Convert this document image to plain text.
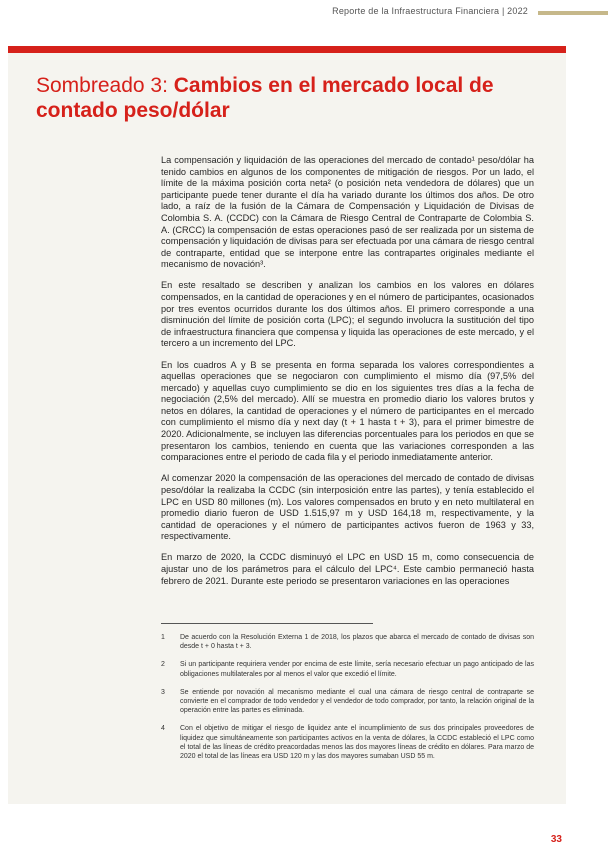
Reporte de la Infraestructura Financiera | 2022
Sombreado 3: Cambios en el mercado local de contado peso/dólar

La compensación y liquidación de las operaciones del mercado de contado¹ peso/dólar ha tenido cambios en algunos de los componentes de mitigación de riesgos. Por un lado, el límite de la máxima posición corta neta² (o posición neta vendedora de dólares) que un participante puede tener durante el día ha variado durante los últimos dos años. De otro lado, a raíz de la fusión de la Cámara de Compensación y Liquidación de Divisas de Colombia S. A. (CCDC) con la Cámara de Riesgo Central de Contraparte de Colombia S. A. (CRCC) la compensación de estas operaciones pasó de ser realizada por un sistema de compensación y liquidación de divisas para ser efectuada por una cámara de riesgo central de contraparte, entidad que se interpone entre las contrapartes originales mediante el mecanismo de novación³.

En este resaltado se describen y analizan los cambios en los valores en dólares compensados, en la cantidad de operaciones y en el número de participantes, ocasionados por tres eventos ocurridos durante los dos últimos años. El primero corresponde a una disminución del límite de posición corta (LPC); el segundo involucra la sustitución del tipo de infraestructura financiera que compensa y liquida las operaciones de este mercado, y el tercero a un incremento del LPC.

En los cuadros A y B se presenta en forma separada los valores correspondientes a aquellas operaciones que se negociaron con cumplimiento el mismo día (97,5% del mercado) y aquellas cuyo cumplimiento se dio en los siguientes tres días a la fecha de negociación (2,5% del mercado). Allí se muestra en promedio diario los valores brutos y netos en dólares, la cantidad de operaciones y el número de participantes en el mercado con cumplimiento el mismo día y next day (t + 1 hasta t + 3), para el primer bimestre de 2020. Adicionalmente, se incluyen las diferencias porcentuales para los periodos en que se presentaron los cambios, teniendo en cuenta que las variaciones corresponden a las comparaciones entre el periodo de cada fila y el periodo inmediatamente anterior.

Al comenzar 2020 la compensación de las operaciones del mercado de contado de divisas peso/dólar la realizaba la CCDC (sin interposición entre las partes), y tenía establecido el LPC en USD 80 millones (m). Los valores compensados en bruto y en neto multilateral en promedio diario fueron de USD 1.515,97 m y USD 164,18 m, respectivamente, y la cantidad de operaciones y el número de participantes activos fueron de 1963 y 33, respectivamente.

En marzo de 2020, la CCDC disminuyó el LPC en USD 15 m, como consecuencia de ajustar uno de los parámetros para el cálculo del LPC⁴. Este cambio permaneció hasta febrero de 2021. Durante este periodo se presentaron variaciones en las operaciones

1	De acuerdo con la Resolución Externa 1 de 2018, los plazos que abarca el mercado de contado de divisas son desde t + 0 hasta t + 3.
2	Si un participante requiriera vender por encima de este límite, sería necesario efectuar un pago anticipado de las obligaciones multilaterales por al menos el valor que excedió el límite.
3	Se entiende por novación al mecanismo mediante el cual una cámara de riesgo central de contraparte se convierte en el comprador de todo vendedor y el vendedor de todo comprador, por tanto, la relación original de la operación entre las partes es eliminada.
4	Con el objetivo de mitigar el riesgo de liquidez ante el incumplimiento de sus dos principales proveedores de liquidez que simultáneamente son participantes activos en la venta de dólares, la CCDC estableció el LPC como el total de las líneas de crédito preacordadas menos las dos mayores líneas de crédito en dólares. Para marzo de 2020 el total de las líneas era USD 120 m y las dos mayores sumaban USD 55 m.
33
